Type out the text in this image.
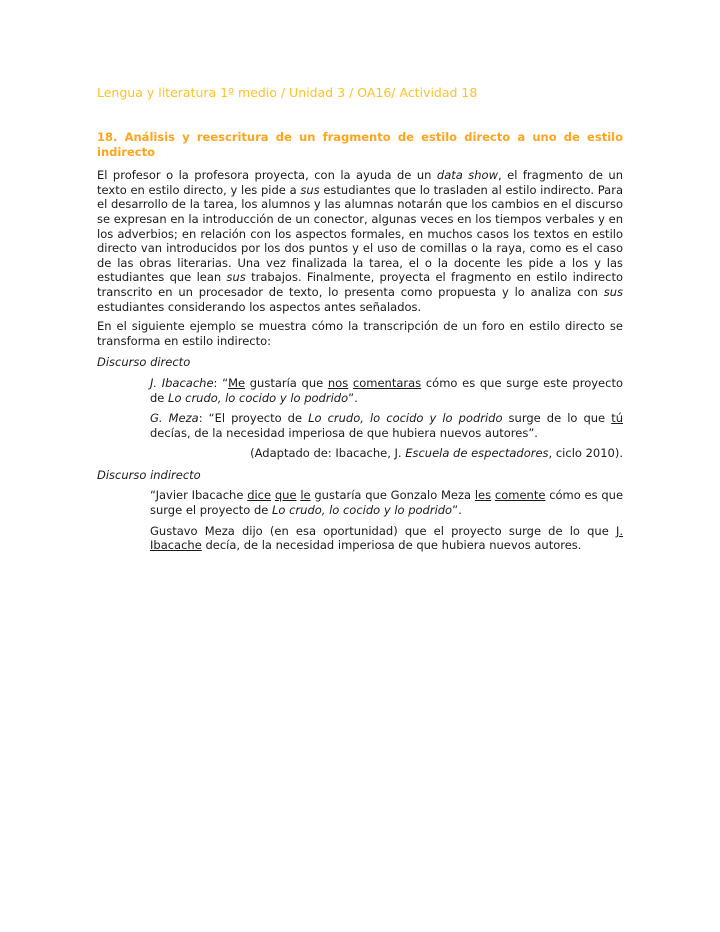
Lengua y literatura 1º medio / Unidad 3 / OA16/ Actividad 18
18. Análisis y reescritura de un fragmento de estilo directo a uno de estilo indirecto

El profesor o la profesora proyecta, con la ayuda de un data show, el fragmento de un texto en estilo directo, y les pide a sus estudiantes que lo trasladen al estilo indirecto. Para el desarrollo de la tarea, los alumnos y las alumnas notarán que los cambios en el discurso se expresan en la introducción de un conector, algunas veces en los tiempos verbales y en los adverbios; en relación con los aspectos formales, en muchos casos los textos en estilo directo van introducidos por los dos puntos y el uso de comillas o la raya, como es el caso de las obras literarias. Una vez finalizada la tarea, el o la docente les pide a los y las estudiantes que lean sus trabajos. Finalmente, proyecta el fragmento en estilo indirecto transcrito en un procesador de texto, lo presenta como propuesta y lo analiza con sus estudiantes considerando los aspectos antes señalados.

En el siguiente ejemplo se muestra cómo la transcripción de un foro en estilo directo se transforma en estilo indirecto:

Discurso directo

J. Ibacache: “Me gustaría que nos comentaras cómo es que surge este proyecto de Lo crudo, lo cocido y lo podrido”.

G. Meza: “El proyecto de Lo crudo, lo cocido y lo podrido surge de lo que tú decías, de la necesidad imperiosa de que hubiera nuevos autores”.

(Adaptado de: Ibacache, J. Escuela de espectadores, ciclo 2010).

Discurso indirecto

“Javier Ibacache dice que le gustaría que Gonzalo Meza les comente cómo es que surge el proyecto de Lo crudo, lo cocido y lo podrido”.

Gustavo Meza dijo (en esa oportunidad) que el proyecto surge de lo que J. Ibacache decía, de la necesidad imperiosa de que hubiera nuevos autores.
